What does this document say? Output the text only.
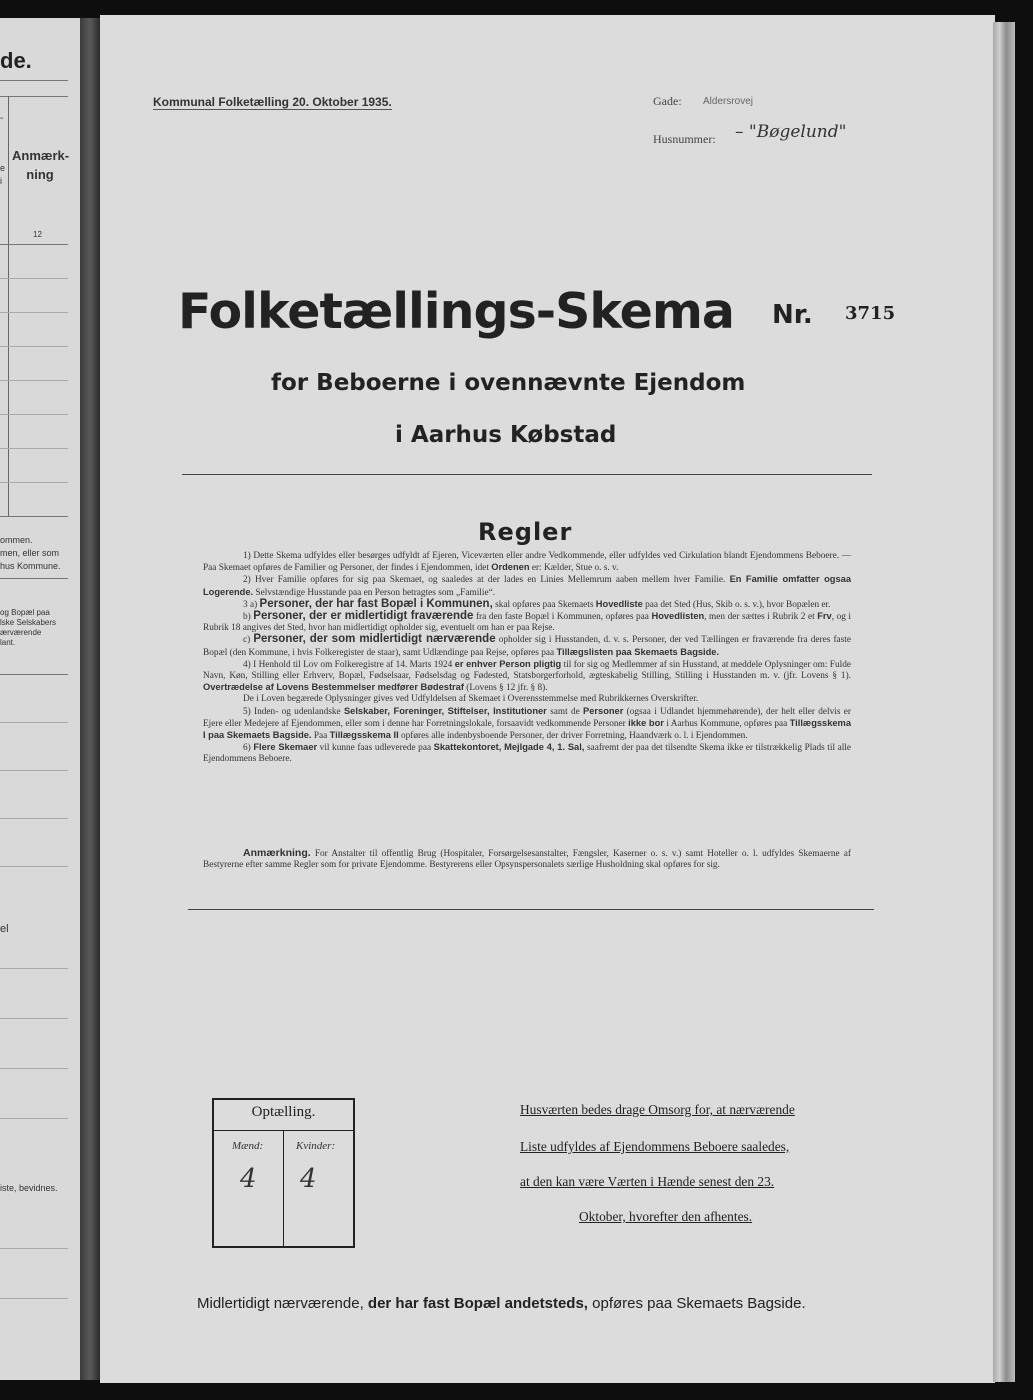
de.
-
e
i
Anmærk-
ning
12
ommen.
men, eller som
hus Kommune.
og Bopæl paa
lske Selskabers
ærværende
lant.
el
iste, bevidnes.
Kommunal Folketælling 20. Oktober 1935.	Gade: Aldersrovej
Husnummer: – "Bøgelund"
Folketællings-Skema Nr. 3715
for Beboerne i ovennævnte Ejendom
i Aarhus Købstad
Regler

1) Dette Skema udfyldes eller besørges udfyldt af Ejeren, Viceværten eller andre Vedkommende, eller udfyldes ved Cirkulation blandt Ejendommens Beboere. — Paa Skemaet opføres de Familier og Personer, der findes i Ejendommen, idet Ordenen er: Kælder, Stue o. s. v.

2) Hver Familie opføres for sig paa Skemaet, og saaledes at der lades en Linies Mellemrum aaben mellem hver Familie. En Familie omfatter ogsaa Logerende. Selvstændige Husstande paa en Person betragtes som „Familie“.

3 a) Personer, der har fast Bopæl i Kommunen, skal opføres paa Skemaets Hovedliste paa det Sted (Hus, Skib o. s. v.), hvor Bopælen er.

b) Personer, der er midlertidigt fraværende fra den faste Bopæl i Kommunen, opføres paa Hovedlisten, men der sættes i Rubrik 2 et Frv, og i Rubrik 18 angives det Sted, hvor han midlertidigt opholder sig, eventuelt om han er paa Rejse.

c) Personer, der som midlertidigt nærværende opholder sig i Husstanden, d. v. s. Personer, der ved Tællingen er fraværende fra deres faste Bopæl (den Kommune, i hvis Folkeregister de staar), samt Udlændinge paa Rejse, opføres paa Tillægslisten paa Skemaets Bagside.

4) I Henhold til Lov om Folkeregistre af 14. Marts 1924 er enhver Person pligtig til for sig og Medlemmer af sin Husstand, at meddele Oplysninger om: Fulde Navn, Køn, Stilling eller Erhverv, Bopæl, Fødselsaar, Fødselsdag og Fødested, Statsborgerforhold, ægteskabelig Stilling, Stilling i Husstanden m. v. (jfr. Lovens § 1). Overtrædelse af Lovens Bestemmelser medfører Bødestraf (Lovens § 12 jfr. § 8).

De i Loven begærede Oplysninger gives ved Udfyldelsen af Skemaet i Overensstemmelse med Rubrikkernes Overskrifter.

5) Inden- og udenlandske Selskaber, Foreninger, Stiftelser, Institutioner samt de Personer (ogsaa i Udlandet hjemmehørende), der helt eller delvis er Ejere eller Medejere af Ejendommen, eller som i denne har Forretningslokale, forsaavidt vedkommende Personer ikke bor i Aarhus Kommune, opføres paa Tillægsskema I paa Skemaets Bagside. Paa Tillægsskema II opføres alle indenbysboende Personer, der driver Forretning, Haandværk o. l. i Ejendommen.

6) Flere Skemaer vil kunne faas udleverede paa Skattekontoret, Mejlgade 4, 1. Sal, saafremt der paa det tilsendte Skema ikke er tilstrækkelig Plads til alle Ejendommens Beboere.

Anmærkning. For Anstalter til offentlig Brug (Hospitaler, Forsørgelsesanstalter, Fængsler, Kaserner o. s. v.) samt Hoteller o. l. udfyldes Skemaerne af Bestyrerne efter samme Regler som for private Ejendomme. Bestyrerens eller Opsynspersonalets særlige Husholdning skal opføres for sig.

Optælling.
Mænd:	Kvinder:
4 4
Husværten bedes drage Omsorg for, at nærværende
Liste udfyldes af Ejendommens Beboere saaledes,
at den kan være Værten i Hænde senest den 23.
Oktober, hvorefter den afhentes.
Midlertidigt nærværende, der har fast Bopæl andetsteds, opføres paa Skemaets Bagside.
